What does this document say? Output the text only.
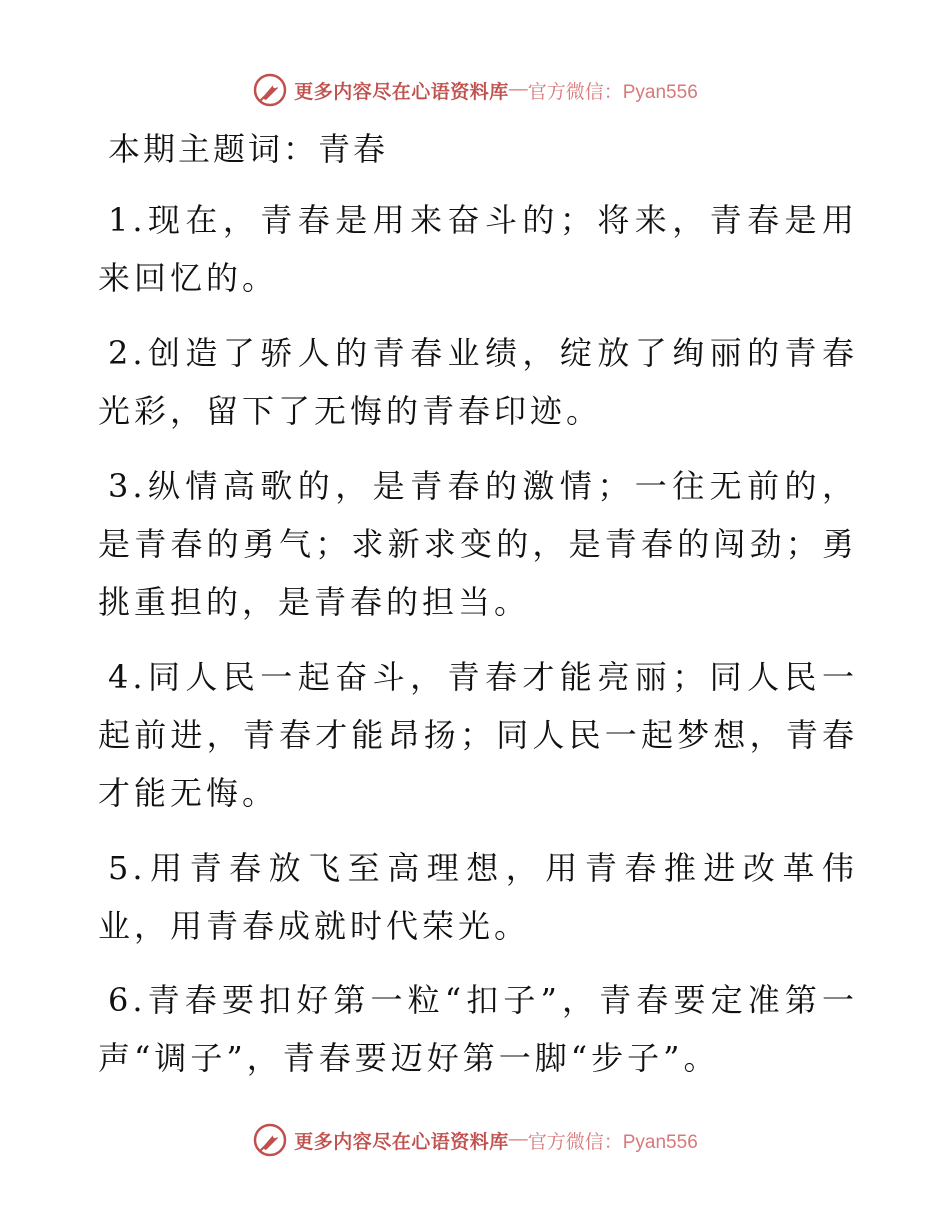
更多内容尽在心语资料库 — 官方微信：Pyan556
本期主题词：青春

1.现在，青春是用来奋斗的；将来，青春是用来回忆的。

2.创造了骄人的青春业绩，绽放了绚丽的青春光彩，留下了无悔的青春印迹。

3.纵情高歌的，是青春的激情；一往无前的，是青春的勇气；求新求变的，是青春的闯劲；勇挑重担的，是青春的担当。

4.同人民一起奋斗，青春才能亮丽；同人民一起前进，青春才能昂扬；同人民一起梦想，青春才能无悔。

5.用青春放飞至高理想，用青春推进改革伟业，用青春成就时代荣光。

6.青春要扣好第一粒“扣子”，青春要定准第一声“调子”，青春要迈好第一脚“步子”。

更多内容尽在心语资料库 — 官方微信：Pyan556
